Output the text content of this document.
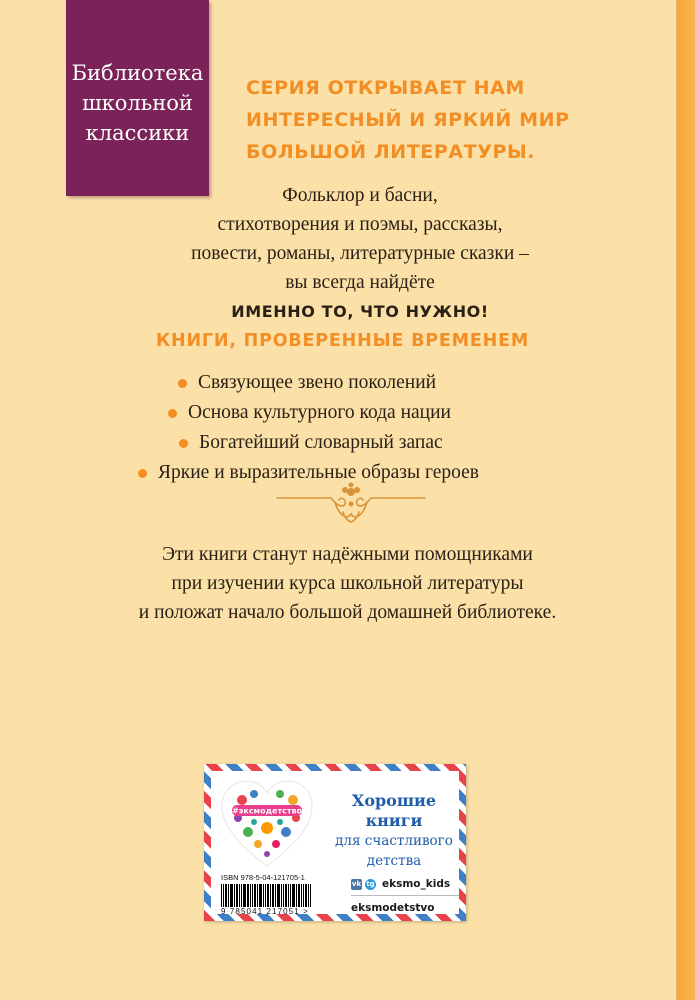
Библиотека
школьной
классики
СЕРИЯ ОТКРЫВАЕТ НАМ
ИНТЕРЕСНЫЙ И ЯРКИЙ МИР
БОЛЬШОЙ ЛИТЕРАТУРЫ.
Фольклор и басни,
стихотворения и поэмы, рассказы,
повести, романы, литературные сказки –
вы всегда найдёте
ИМЕННО ТО, ЧТО НУЖНО!
КНИГИ, ПРОВЕРЕННЫЕ ВРЕМЕНЕМ
Связующее звено поколений
Основа культурного кода нации
Богатейший словарный запас
Яркие и выразительные образы героев
Эти книги станут надёжными помощниками
при изучении курса школьной литературы
и положат начало большой домашней библиотеке.
#эксмодетство
Хорошие
книги
для счастливого
детства
ISBN 978-5-04-121705-1
9 785041 217051 >
vk tg eksmo_kids
eksmodetstvo
